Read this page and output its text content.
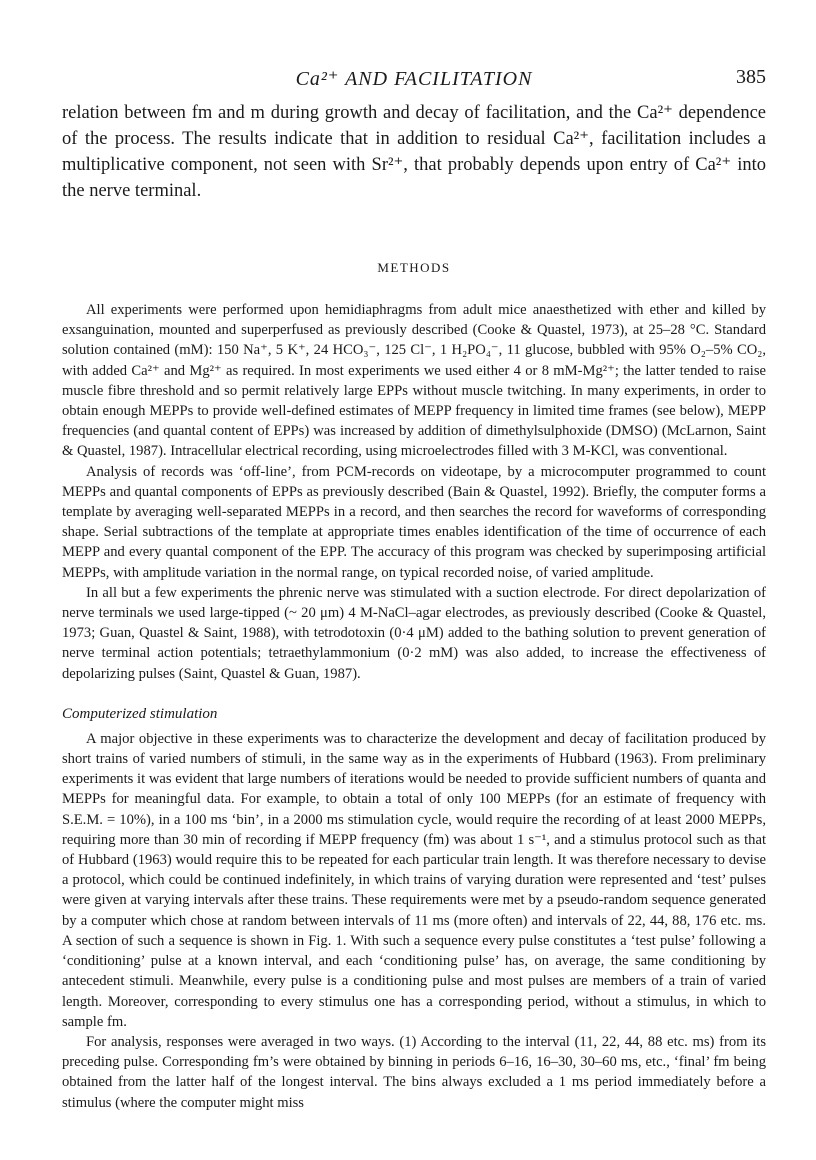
Ca²⁺ AND FACILITATION	385

relation between fm and m during growth and decay of facilitation, and the Ca²⁺ dependence of the process. The results indicate that in addition to residual Ca²⁺, facilitation includes a multiplicative component, not seen with Sr²⁺, that probably depends upon entry of Ca²⁺ into the nerve terminal.

METHODS

All experiments were performed upon hemidiaphragms from adult mice anaesthetized with ether and killed by exsanguination, mounted and superperfused as previously described (Cooke & Quastel, 1973), at 25–28 °C. Standard solution contained (mM): 150 Na⁺, 5 K⁺, 24 HCO₃⁻, 125 Cl⁻, 1 H₂PO₄⁻, 11 glucose, bubbled with 95% O₂–5% CO₂, with added Ca²⁺ and Mg²⁺ as required. In most experiments we used either 4 or 8 mM-Mg²⁺; the latter tended to raise muscle fibre threshold and so permit relatively large EPPs without muscle twitching. In many experiments, in order to obtain enough MEPPs to provide well-defined estimates of MEPP frequency in limited time frames (see below), MEPP frequencies (and quantal content of EPPs) was increased by addition of dimethylsulphoxide (DMSO) (McLarnon, Saint & Quastel, 1987). Intracellular electrical recording, using microelectrodes filled with 3 M-KCl, was conventional.

Analysis of records was ‘off-line’, from PCM-records on videotape, by a microcomputer programmed to count MEPPs and quantal components of EPPs as previously described (Bain & Quastel, 1992). Briefly, the computer forms a template by averaging well-separated MEPPs in a record, and then searches the record for waveforms of corresponding shape. Serial subtractions of the template at appropriate times enables identification of the time of occurrence of each MEPP and every quantal component of the EPP. The accuracy of this program was checked by superimposing artificial MEPPs, with amplitude variation in the normal range, on typical recorded noise, of varied amplitude.

In all but a few experiments the phrenic nerve was stimulated with a suction electrode. For direct depolarization of nerve terminals we used large-tipped (~ 20 μm) 4 M-NaCl–agar electrodes, as previously described (Cooke & Quastel, 1973; Guan, Quastel & Saint, 1988), with tetrodotoxin (0·4 μM) added to the bathing solution to prevent generation of nerve terminal action potentials; tetraethylammonium (0·2 mM) was also added, to increase the effectiveness of depolarizing pulses (Saint, Quastel & Guan, 1987).

Computerized stimulation

A major objective in these experiments was to characterize the development and decay of facilitation produced by short trains of varied numbers of stimuli, in the same way as in the experiments of Hubbard (1963). From preliminary experiments it was evident that large numbers of iterations would be needed to provide sufficient numbers of quanta and MEPPs for meaningful data. For example, to obtain a total of only 100 MEPPs (for an estimate of frequency with S.E.M. = 10%), in a 100 ms ‘bin’, in a 2000 ms stimulation cycle, would require the recording of at least 2000 MEPPs, requiring more than 30 min of recording if MEPP frequency (fm) was about 1 s⁻¹, and a stimulus protocol such as that of Hubbard (1963) would require this to be repeated for each particular train length. It was therefore necessary to devise a protocol, which could be continued indefinitely, in which trains of varying duration were represented and ‘test’ pulses were given at varying intervals after these trains. These requirements were met by a pseudo-random sequence generated by a computer which chose at random between intervals of 11 ms (more often) and intervals of 22, 44, 88, 176 etc. ms. A section of such a sequence is shown in Fig. 1. With such a sequence every pulse constitutes a ‘test pulse’ following a ‘conditioning’ pulse at a known interval, and each ‘conditioning pulse’ has, on average, the same conditioning by antecedent stimuli. Meanwhile, every pulse is a conditioning pulse and most pulses are members of a train of varied length. Moreover, corresponding to every stimulus one has a corresponding period, without a stimulus, in which to sample fm.

For analysis, responses were averaged in two ways. (1) According to the interval (11, 22, 44, 88 etc. ms) from its preceding pulse. Corresponding fm’s were obtained by binning in periods 6–16, 16–30, 30–60 ms, etc., ‘final’ fm being obtained from the latter half of the longest interval. The bins always excluded a 1 ms period immediately before a stimulus (where the computer might miss
